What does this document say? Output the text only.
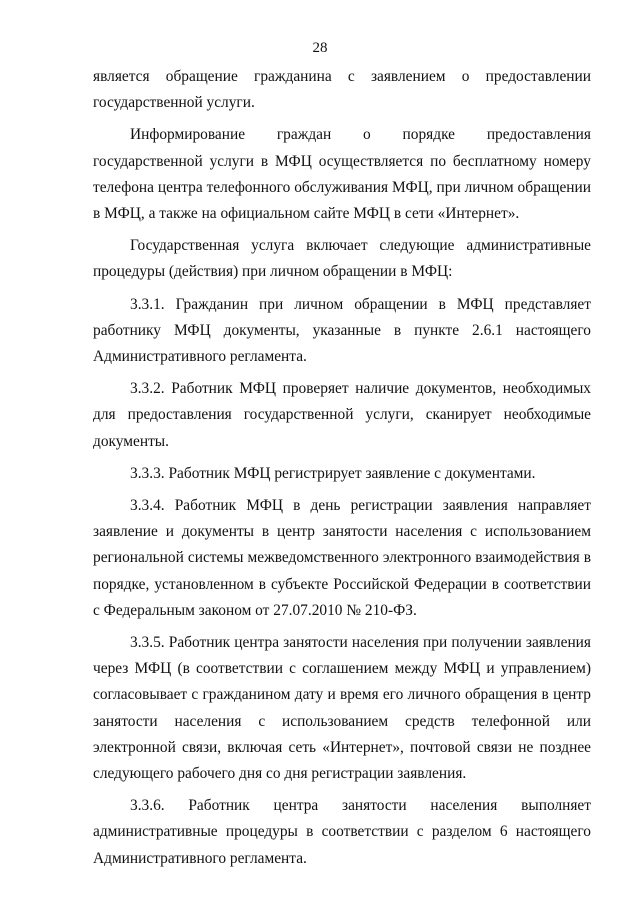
28

является обращение гражданина с заявлением о предоставлении государственной услуги.

Информирование граждан о порядке предоставления государственной услуги в МФЦ осуществляется по бесплатному номеру телефона центра телефонного обслуживания МФЦ, при личном обращении в МФЦ, а также на официальном сайте МФЦ в сети «Интернет».

Государственная услуга включает следующие административные процедуры (действия) при личном обращении в МФЦ:

3.3.1. Гражданин при личном обращении в МФЦ представляет работнику МФЦ документы, указанные в пункте 2.6.1 настоящего Административного регламента.

3.3.2. Работник МФЦ проверяет наличие документов, необходимых для предоставления государственной услуги, сканирует необходимые документы.

3.3.3. Работник МФЦ регистрирует заявление с документами.

3.3.4. Работник МФЦ в день регистрации заявления направляет заявление и документы в центр занятости населения с использованием региональной системы межведомственного электронного взаимодействия в порядке, установленном в субъекте Российской Федерации в соответствии с Федеральным законом от 27.07.2010 № 210-ФЗ.

3.3.5. Работник центра занятости населения при получении заявления через МФЦ (в соответствии с соглашением между МФЦ и управлением) согласовывает с гражданином дату и время его личного обращения в центр занятости населения с использованием средств телефонной или электронной связи, включая сеть «Интернет», почтовой связи не позднее следующего рабочего дня со дня регистрации заявления.

3.3.6. Работник центра занятости населения выполняет административные процедуры в соответствии с разделом 6 настоящего Административного регламента.
